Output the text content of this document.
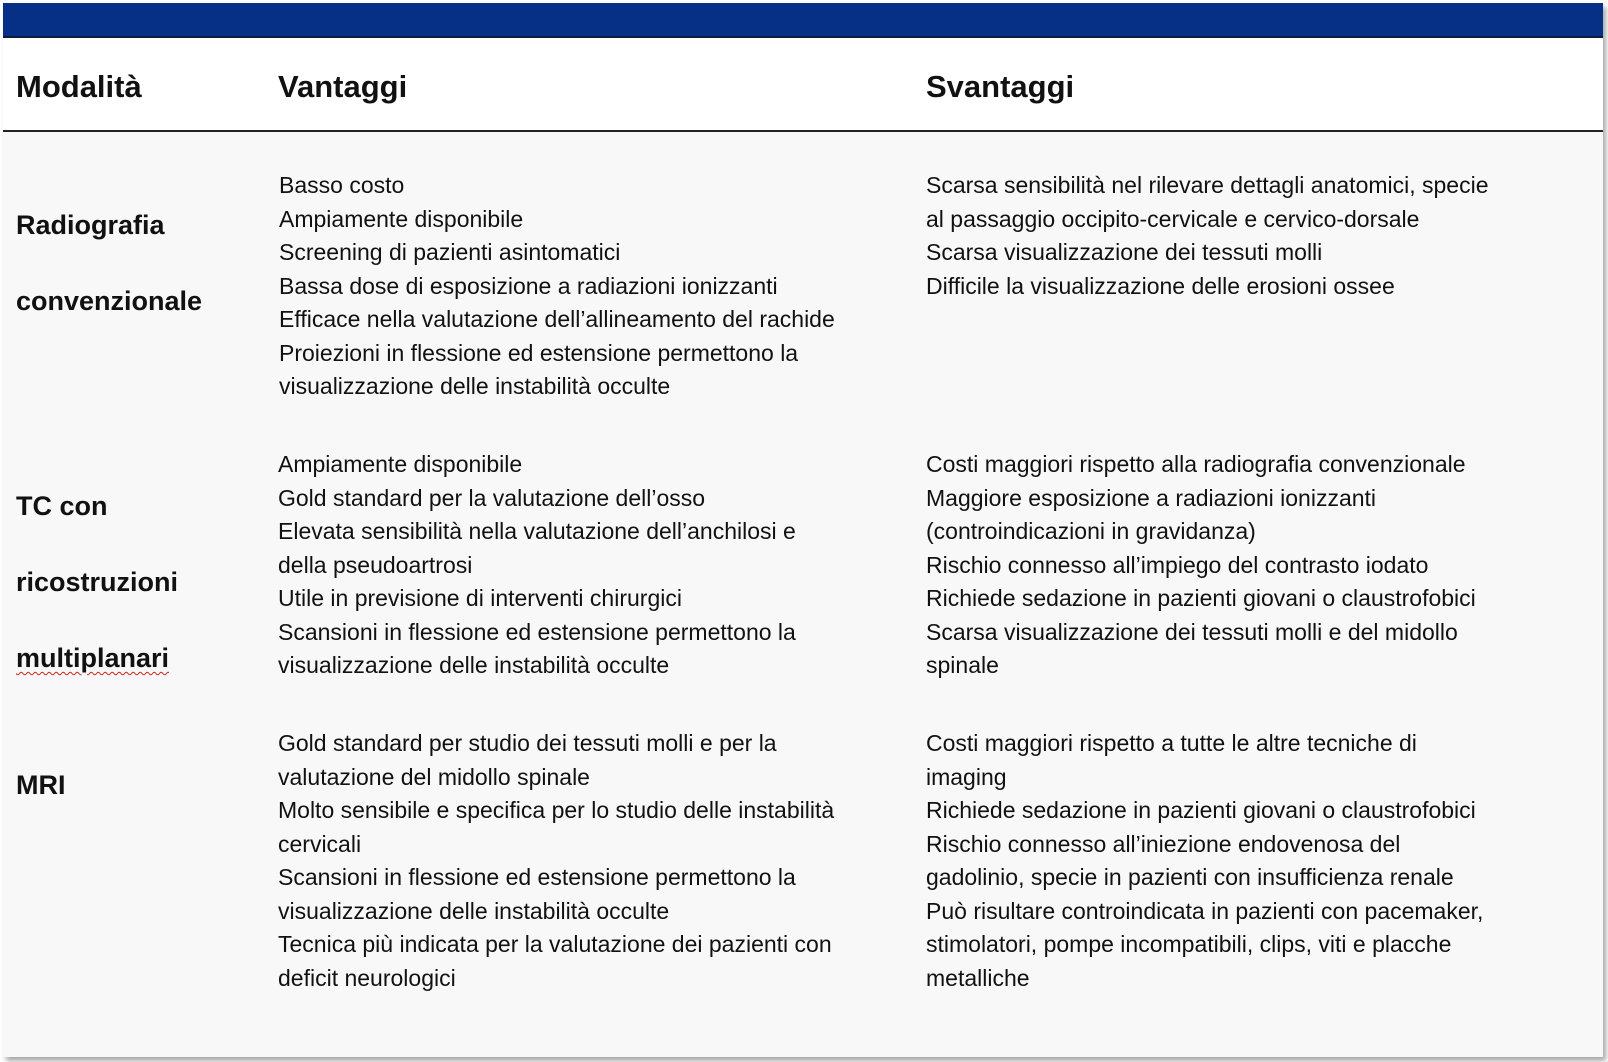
Modalità	Vantaggi	Svantaggi

Radiografia

convenzionale

Basso costo
Ampiamente disponibile
Screening di pazienti asintomatici
Bassa dose di esposizione a radiazioni ionizzanti
Efficace nella valutazione dell’allineamento del rachide
Proiezioni in flessione ed estensione permettono la
visualizzazione delle instabilità occulte
Scarsa sensibilità nel rilevare dettagli anatomici, specie
al passaggio occipito-cervicale e cervico-dorsale
Scarsa visualizzazione dei tessuti molli
Difficile la visualizzazione delle erosioni ossee

TC con

ricostruzioni

multiplanari

Ampiamente disponibile
Gold standard per la valutazione dell’osso
Elevata sensibilità nella valutazione dell’anchilosi e
della pseudoartrosi
Utile in previsione di interventi chirurgici
Scansioni in flessione ed estensione permettono la
visualizzazione delle instabilità occulte
Costi maggiori rispetto alla radiografia convenzionale
Maggiore esposizione a radiazioni ionizzanti
(controindicazioni in gravidanza)
Rischio connesso all’impiego del contrasto iodato
Richiede sedazione in pazienti giovani o claustrofobici
Scarsa visualizzazione dei tessuti molli e del midollo
spinale

MRI

Gold standard per studio dei tessuti molli e per la
valutazione del midollo spinale
Molto sensibile e specifica per lo studio delle instabilità
cervicali
Scansioni in flessione ed estensione permettono la
visualizzazione delle instabilità occulte
Tecnica più indicata per la valutazione dei pazienti con
deficit neurologici
Costi maggiori rispetto a tutte le altre tecniche di
imaging
Richiede sedazione in pazienti giovani o claustrofobici
Rischio connesso all’iniezione endovenosa del
gadolinio, specie in pazienti con insufficienza renale
Può risultare controindicata in pazienti con pacemaker,
stimolatori, pompe incompatibili, clips, viti e placche
metalliche
